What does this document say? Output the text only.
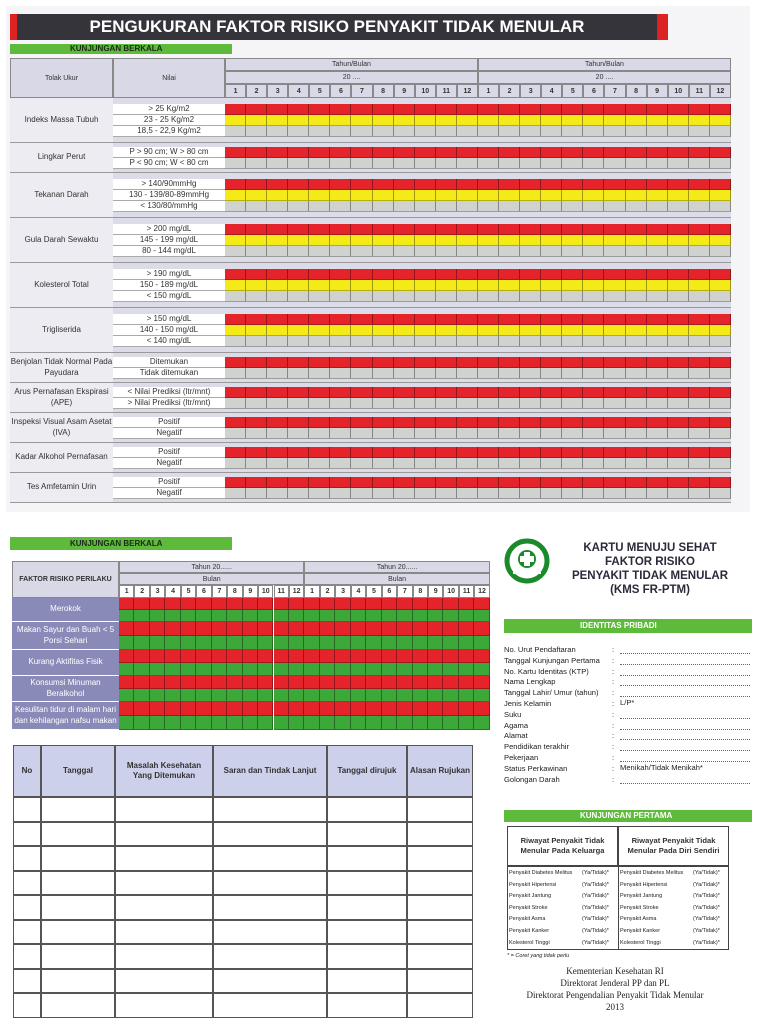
PENGUKURAN FAKTOR RISIKO PENYAKIT TIDAK MENULAR
KUNJUNGAN BERKALA
KUNJUNGAN BERKALA
Tolak Ukur	Nilai
Tahun/Bulan
20 ....
1	2	3	4	5	6	7	8	9	10	11	12
Tahun/Bulan
20 ....
1	2	3	4	5	6	7	8	9	10	11	12
Indeks Massa Tubuh
> 25 Kg/m2
23 - 25 Kg/m2
18,5 - 22,9 Kg/m2
Lingkar Perut
P > 90 cm; W > 80 cm
P < 90 cm; W < 80 cm
Tekanan Darah
> 140/90mmHg
130 - 139/80-89mmHg
< 130/80/mmHg
Gula Darah Sewaktu
> 200 mg/dL
145 - 199 mg/dL
80 - 144 mg/dL
Kolesterol Total
> 190 mg/dL
150 - 189 mg/dL
< 150 mg/dL
Trigliserida
> 150 mg/dL
140 - 150 mg/dL
< 140 mg/dL
Benjolan Tidak Normal Pada Payudara
Ditemukan
Tidak ditemukan
Arus Pernafasan Ekspirasi (APE)
< Nilai Prediksi (ltr/mnt)
> Nilai Prediksi (ltr/mnt)
Inspeksi Visual Asam Asetat (IVA)
Positif
Negatif
Kadar Alkohol Pernafasan
Positif
Negatif
Tes Amfetamin Urin
Positif
Negatif
FAKTOR RISIKO PERILAKU
Tahun 20......
Bulan
1	2	3	4	5	6	7	8	9	10	11	12
Tahun 20......
Bulan
1	2	3	4	5	6	7	8	9	10	11	12
Merokok
Makan Sayur dan Buah < 5 Porsi Sehari
Kurang Aktifitas Fisik
Konsumsi Minuman Beralkohol
Kesulitan tidur di malam hari dan kehilangan nafsu makan
No	Tanggal
Masalah Kesehatan Yang Ditemukan
Saran dan Tindak Lanjut	Tanggal dirujuk	Alasan Rujukan
KARTU MENUJU SEHAT
FAKTOR RISIKO
PENYAKIT TIDAK MENULAR
(KMS FR-PTM)
IDENTITAS PRIBADI
No. Urut Pendaftaran	:
Tanggal Kunjungan Pertama	:
No. Kartu Identitas (KTP)	:
Nama Lengkap	:
Tanggal Lahir/ Umur (tahun)	:
Jenis Kelamin	: L/P*
Suku	:
Agama	:
Alamat	:
Pendidikan terakhir	:
Pekerjaan	:
Status Perkawinan	: Menikah/Tidak Menikah*
Golongan Darah	:
KUNJUNGAN PERTAMA
Riwayat Penyakit Tidak Menular Pada Keluarga
Riwayat Penyakit Tidak Menular Pada Diri Sendiri
Penyakit Diabetes Melitus	(Ya/Tidak)* Penyakit Diabetes Melitus	(Ya/Tidak)*
Penyakit Hipertensi	(Ya/Tidak)* Penyakit Hipertensi	(Ya/Tidak)*
Penyakit Jantung	(Ya/Tidak)* Penyakit Jantung	(Ya/Tidak)*
Penyakit Stroke	(Ya/Tidak)* Penyakit Stroke	(Ya/Tidak)*
Penyakit Asma	(Ya/Tidak)* Penyakit Asma	(Ya/Tidak)*
Penyakit Kanker	(Ya/Tidak)* Penyakit Kanker	(Ya/Tidak)*
Kolesterol Tinggi	(Ya/Tidak)* Kolesterol Tinggi	(Ya/Tidak)*
* = Coret yang tidak perlu
Kementerian Kesehatan RI
Direktorat Jenderal PP dan PL
Direktorat Pengendalian Penyakit Tidak Menular
2013
